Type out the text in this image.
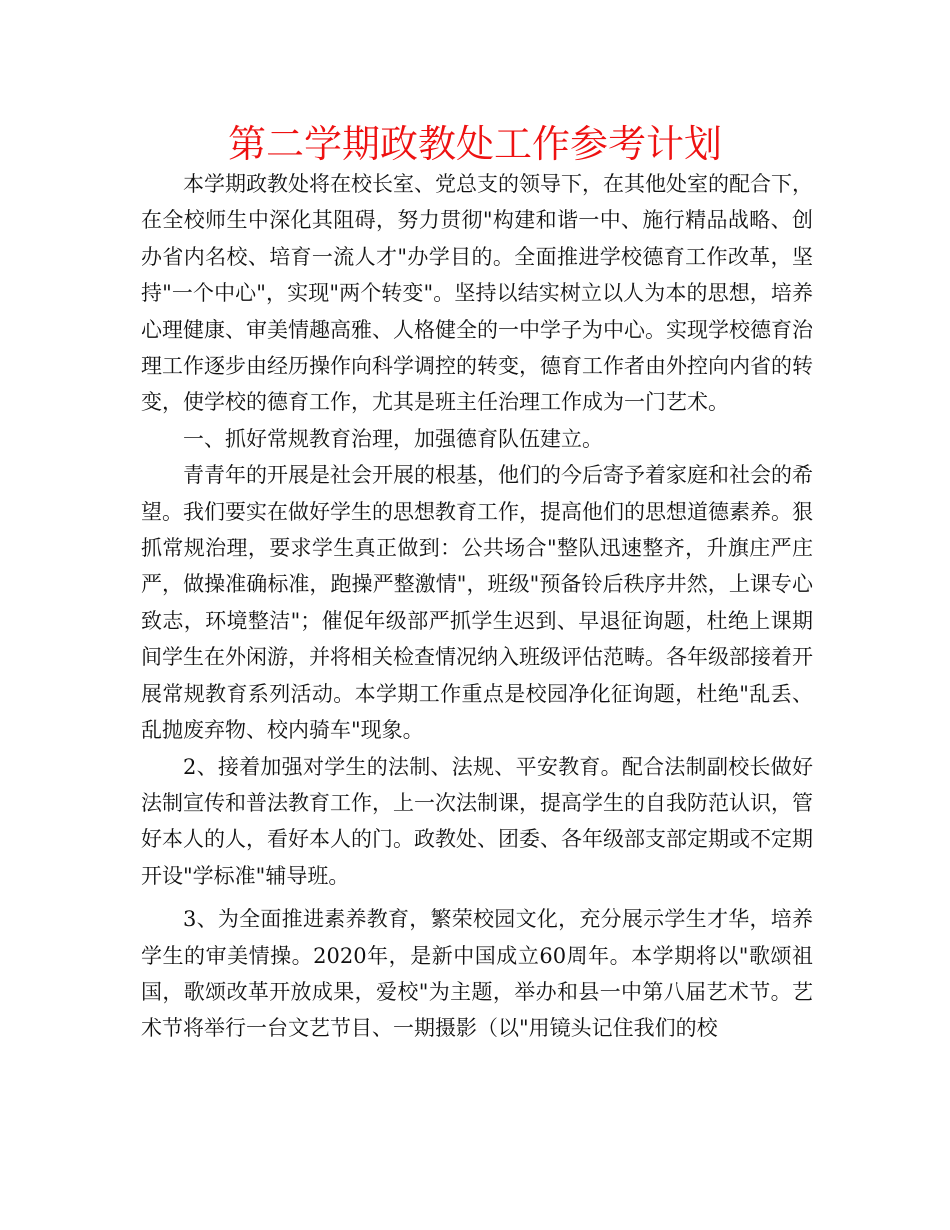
第二学期政教处工作参考计划

本学期政教处将在校长室、党总支的领导下，在其他处室的配合下，在全校师生中深化其阻碍，努力贯彻"构建和谐一中、施行精品战略、创办省内名校、培育一流人才"办学目的。全面推进学校德育工作改革，坚持"一个中心"，实现"两个转变"。坚持以结实树立以人为本的思想，培养心理健康、审美情趣高雅、人格健全的一中学子为中心。实现学校德育治理工作逐步由经历操作向科学调控的转变，德育工作者由外控向内省的转变，使学校的德育工作，尤其是班主任治理工作成为一门艺术。

一、抓好常规教育治理，加强德育队伍建立。

青青年的开展是社会开展的根基，他们的今后寄予着家庭和社会的希望。我们要实在做好学生的思想教育工作，提高他们的思想道德素养。狠抓常规治理，要求学生真正做到：公共场合"整队迅速整齐，升旗庄严庄严，做操准确标准，跑操严整激情"，班级"预备铃后秩序井然，上课专心致志，环境整洁"；催促年级部严抓学生迟到、早退征询题，杜绝上课期间学生在外闲游，并将相关检查情况纳入班级评估范畴。各年级部接着开展常规教育系列活动。本学期工作重点是校园净化征询题，杜绝"乱丢、乱抛废弃物、校内骑车"现象。

2、接着加强对学生的法制、法规、平安教育。配合法制副校长做好法制宣传和普法教育工作，上一次法制课，提高学生的自我防范认识，管好本人的人，看好本人的门。政教处、团委、各年级部支部定期或不定期开设"学标准"辅导班。

3、为全面推进素养教育，繁荣校园文化，充分展示学生才华，培养学生的审美情操。2020年，是新中国成立60周年。本学期将以"歌颂祖国，歌颂改革开放成果，爱校"为主题，举办和县一中第八届艺术节。艺术节将举行一台文艺节目、一期摄影（以"用镜头记住我们的校
